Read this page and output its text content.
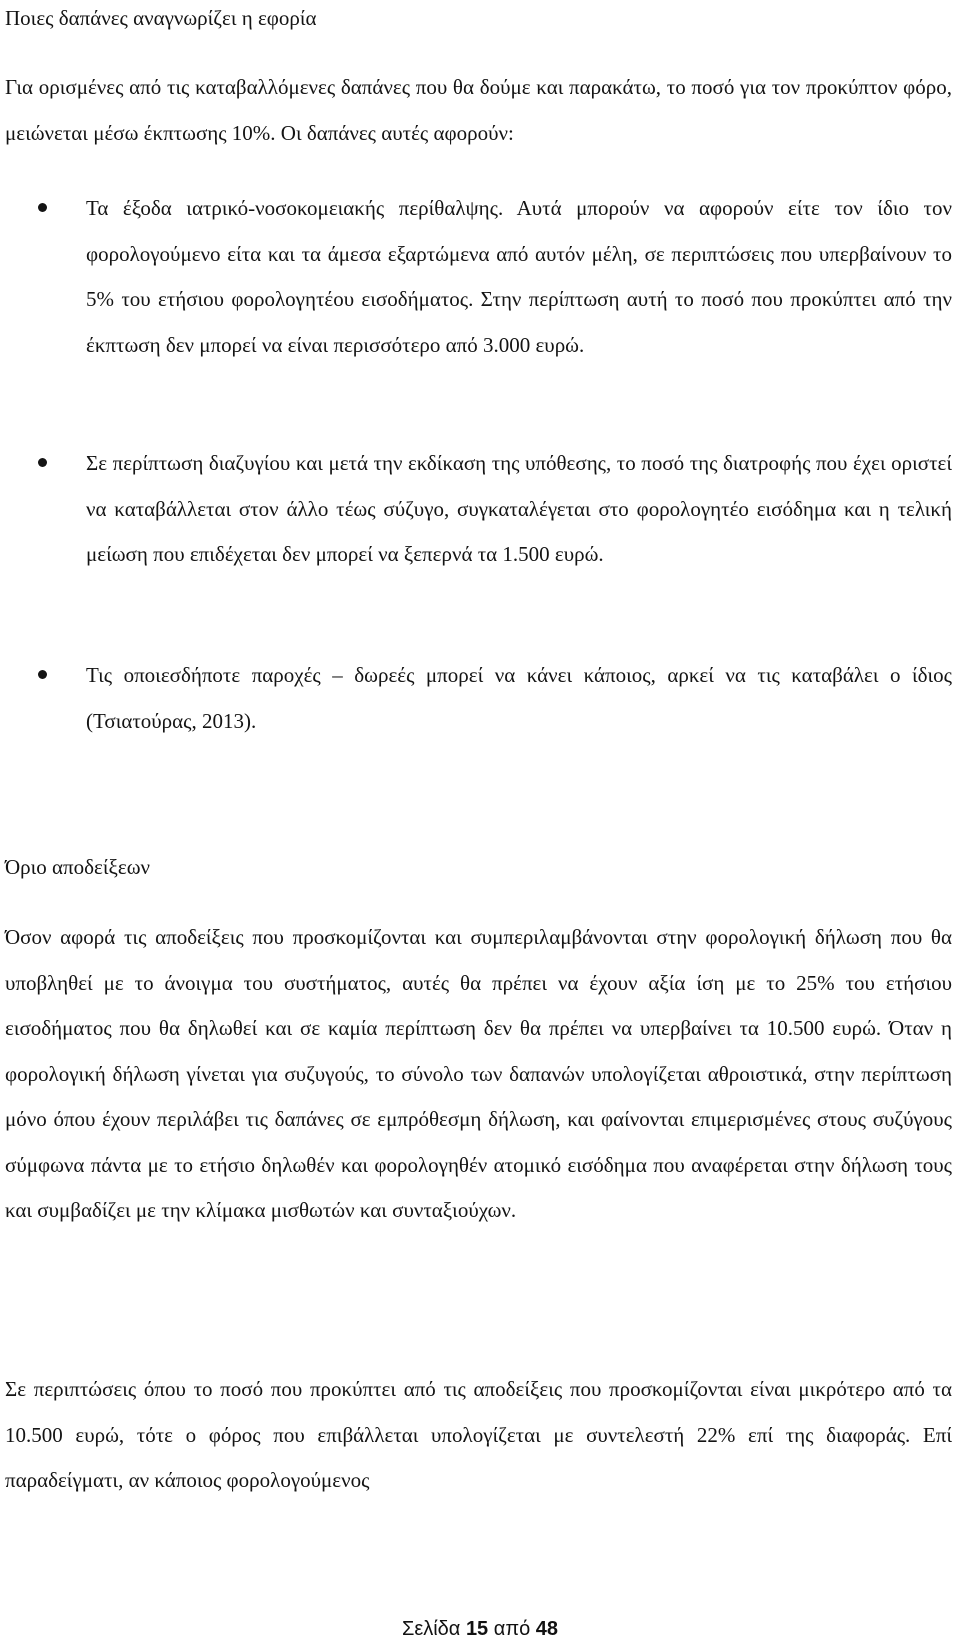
Ποιες δαπάνες αναγνωρίζει η εφορία

Για ορισμένες από τις καταβαλλόμενες δαπάνες που θα δούμε και παρακάτω, το ποσό για τον προκύπτον φόρο, μειώνεται μέσω έκπτωσης 10%. Οι δαπάνες αυτές αφορούν:

Τα έξοδα ιατρικό-νοσοκομειακής περίθαλψης. Αυτά μπορούν να αφορούν είτε τον ίδιο τον φορολογούμενο είτα και τα άμεσα εξαρτώμενα από αυτόν μέλη, σε περιπτώσεις που υπερβαίνουν το 5% του ετήσιου φορολογητέου εισοδήματος. Στην περίπτωση αυτή το ποσό που προκύπτει από την έκπτωση δεν μπορεί να είναι περισσότερο από 3.000 ευρώ.
Σε περίπτωση διαζυγίου και μετά την εκδίκαση της υπόθεσης, το ποσό της διατροφής που έχει οριστεί να καταβάλλεται στον άλλο τέως σύζυγο, συγκαταλέγεται στο φορολογητέο εισόδημα και η τελική μείωση που επιδέχεται δεν μπορεί να ξεπερνά τα 1.500 ευρώ.
Τις οποιεσδήποτε παροχές – δωρεές μπορεί να κάνει κάποιος, αρκεί να τις καταβάλει ο ίδιος (Τσιατούρας, 2013).
Όριο αποδείξεων

Όσον αφορά τις αποδείξεις που προσκομίζονται και συμπεριλαμβάνονται στην φορολογική δήλωση που θα υποβληθεί με το άνοιγμα του συστήματος, αυτές θα πρέπει να έχουν αξία ίση με το 25% του ετήσιου εισοδήματος που θα δηλωθεί και σε καμία περίπτωση δεν θα πρέπει να υπερβαίνει τα 10.500 ευρώ. Όταν η φορολογική δήλωση γίνεται για συζυγούς, το σύνολο των δαπανών υπολογίζεται αθροιστικά, στην περίπτωση μόνο όπου έχουν περιλάβει τις δαπάνες σε εμπρόθεσμη δήλωση, και φαίνονται επιμερισμένες στους συζύγους σύμφωνα πάντα με το ετήσιο δηλωθέν και φορολογηθέν ατομικό εισόδημα που αναφέρεται στην δήλωση τους και συμβαδίζει με την κλίμακα μισθωτών και συνταξιούχων.

Σε περιπτώσεις όπου το ποσό που προκύπτει από τις αποδείξεις που προσκομίζονται είναι μικρότερο από τα 10.500 ευρώ, τότε ο φόρος που επιβάλλεται υπολογίζεται με συντελεστή 22% επί της διαφοράς. Επί παραδείγματι, αν κάποιος φορολογούμενος

Σελίδα 15 από 48
